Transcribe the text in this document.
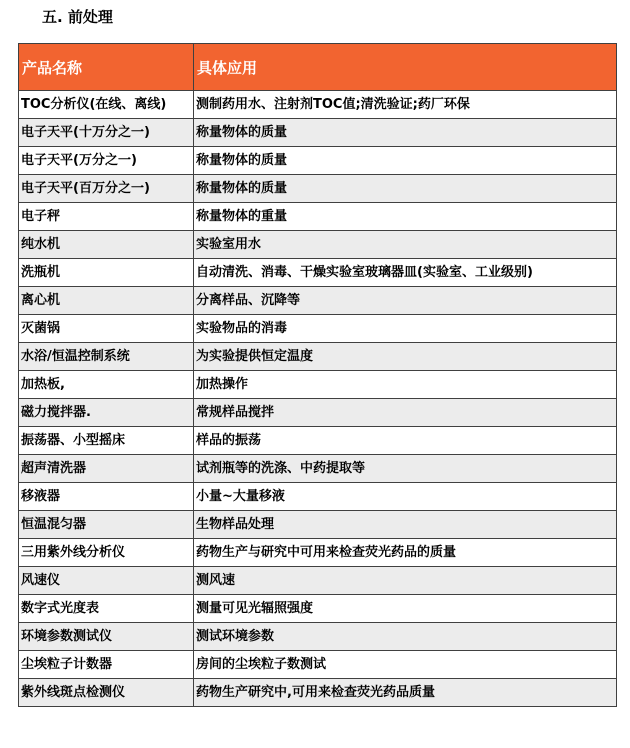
五. 前处理
产品名称	具体应用
TOC分析仪(在线、离线)	测制药用水、注射剂TOC值;清洗验证;药厂环保
电子天平(十万分之一)	称量物体的质量
电子天平(万分之一)	称量物体的质量
电子天平(百万分之一)	称量物体的质量
电子秤	称量物体的重量
纯水机	实验室用水
洗瓶机	自动清洗、消毒、干燥实验室玻璃器皿(实验室、工业级别)
离心机	分离样品、沉降等
灭菌锅	实验物品的消毒
水浴/恒温控制系统	为实验提供恒定温度
加热板,	加热操作
磁力搅拌器.	常规样品搅拌
振荡器、小型摇床	样品的振荡
超声清洗器	试剂瓶等的洗涤、中药提取等
移液器	小量~大量移液
恒温混匀器	生物样品处理
三用紫外线分析仪	药物生产与研究中可用来检查荧光药品的质量
风速仪	测风速
数字式光度表	测量可见光辐照强度
环境参数测试仪	测试环境参数
尘埃粒子计数器	房间的尘埃粒子数测试
紫外线斑点检测仪	药物生产研究中,可用来检查荧光药品质量
